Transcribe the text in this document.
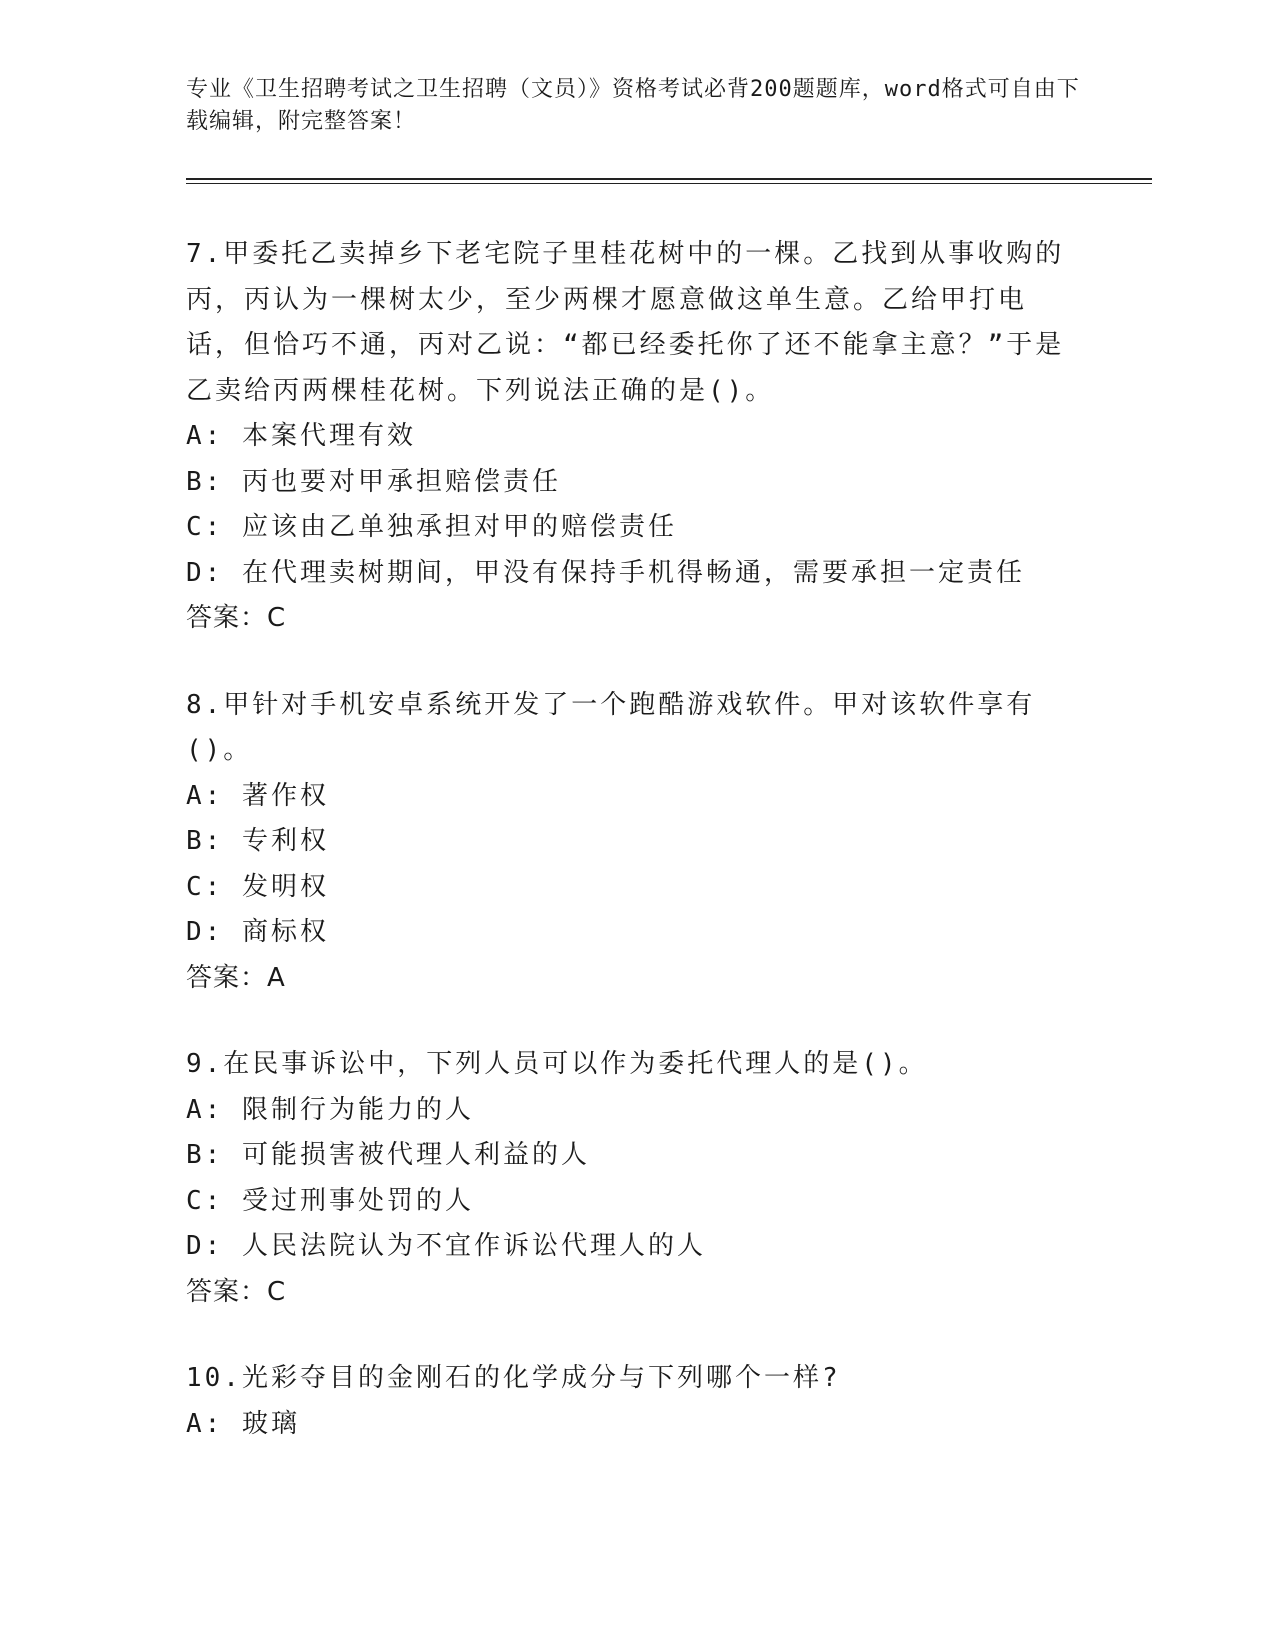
专业《卫生招聘考试之卫生招聘（文员）》资格考试必背200题题库，word格式可自由下载编辑，附完整答案！
7.甲委托乙卖掉乡下老宅院子里桂花树中的一棵。乙找到从事收购的丙，丙认为一棵树太少，至少两棵才愿意做这单生意。乙给甲打电话，但恰巧不通，丙对乙说：“都已经委托你了还不能拿主意？”于是乙卖给丙两棵桂花树。下列说法正确的是()。
A: 本案代理有效
B: 丙也要对甲承担赔偿责任
C: 应该由乙单独承担对甲的赔偿责任
D: 在代理卖树期间，甲没有保持手机得畅通，需要承担一定责任
答案：C
8.甲针对手机安卓系统开发了一个跑酷游戏软件。甲对该软件享有()。
A: 著作权
B: 专利权
C: 发明权
D: 商标权
答案：A
9.在民事诉讼中，下列人员可以作为委托代理人的是()。
A: 限制行为能力的人
B: 可能损害被代理人利益的人
C: 受过刑事处罚的人
D: 人民法院认为不宜作诉讼代理人的人
答案：C
10.光彩夺目的金刚石的化学成分与下列哪个一样?
A: 玻璃
